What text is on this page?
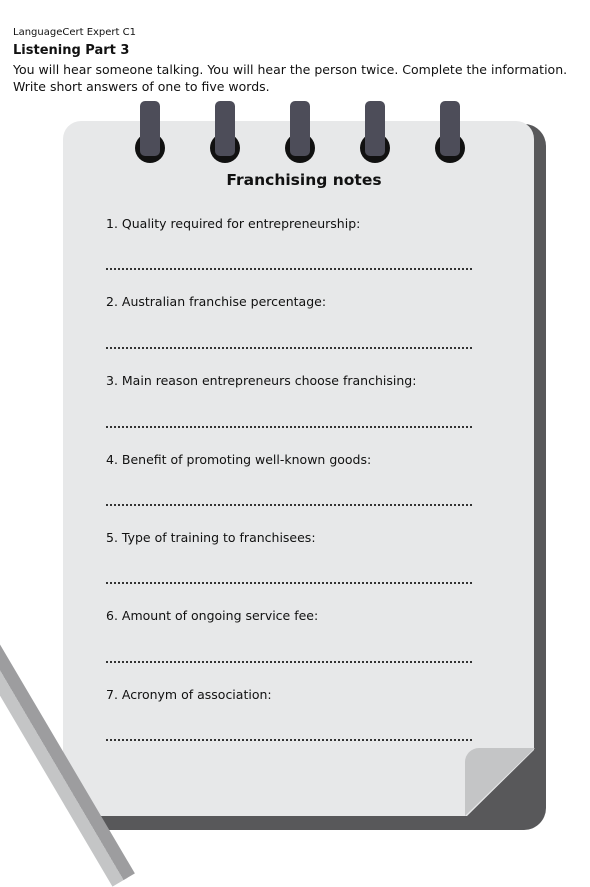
LanguageCert Expert C1
Listening Part 3
You will hear someone talking. You will hear the person twice. Complete the information. Write short answers of one to five words.
Franchising notes
1. Quality required for entrepreneurship:
2. Australian franchise percentage:
3. Main reason entrepreneurs choose franchising:
4. Benefit of promoting well-known goods:
5. Type of training to franchisees:
6. Amount of ongoing service fee:
7. Acronym of association:
